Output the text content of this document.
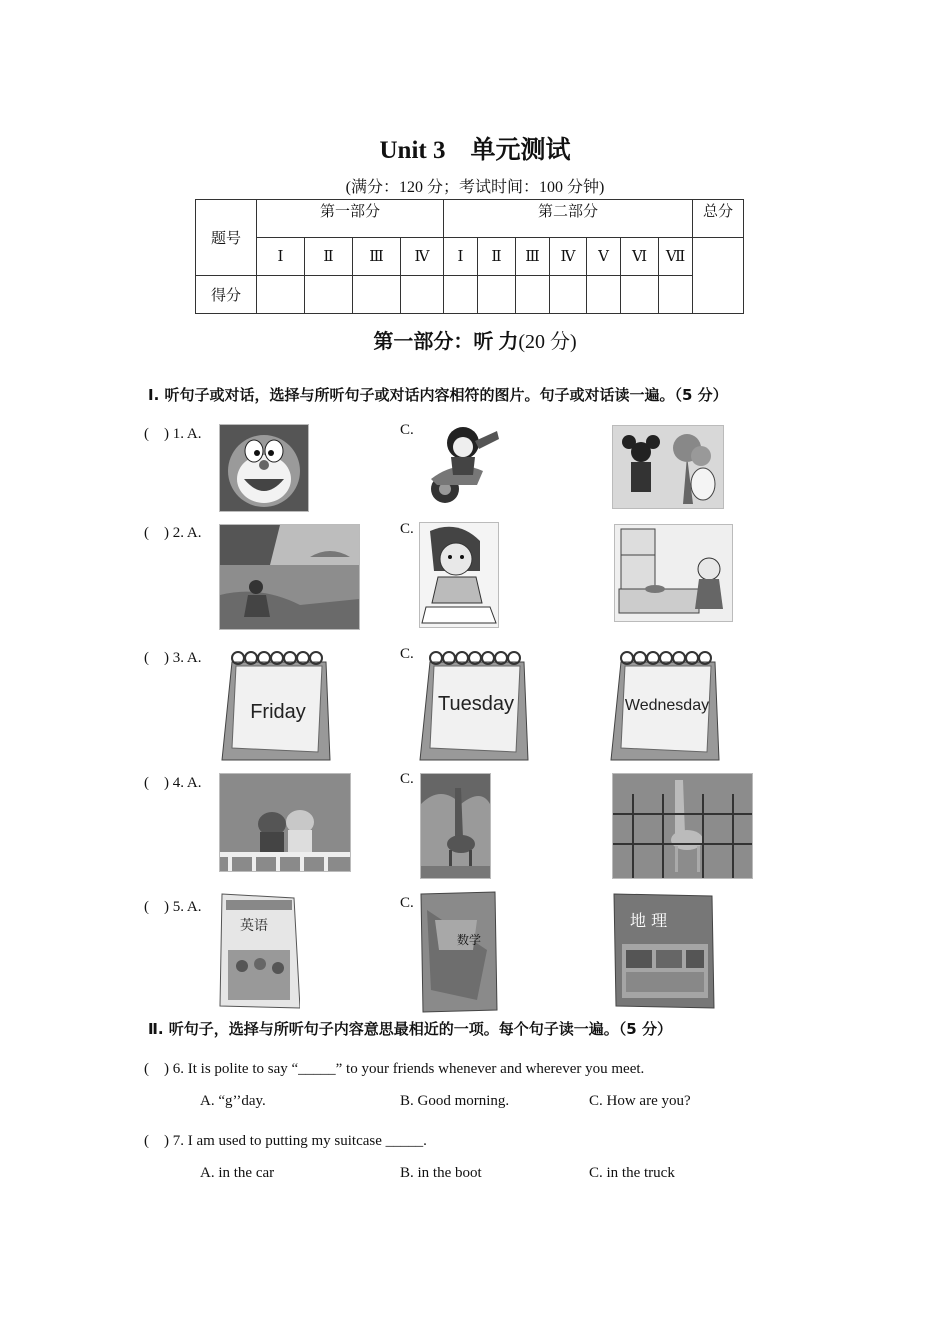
Unit 3　单元测试
(满分：120 分；考试时间：100 分钟)
题号	第一部分				第二部分							总分
	Ⅰ	Ⅱ	Ⅲ	Ⅳ	Ⅰ	Ⅱ	Ⅲ	Ⅳ	Ⅴ	Ⅵ	Ⅶ	
得分												
第一部分：听 力(20 分)
Ⅰ. 听句子或对话，选择与所听句子或对话内容相符的图片。句子或对话读一遍。（5 分）
(　) 1. A.	C.
(　) 2. A.	C.
(　) 3. A.	C.
Friday	Tuesday	Wednesday
(　) 4. A.	C.
(　) 5. A.	C.
英语
数学
地 理
Ⅱ. 听句子，选择与所听句子内容意思最相近的一项。每个句子读一遍。（5 分）
(　) 6. It is polite to say “_____” to your friends whenever and wherever you meet.
A. “g’’day.	B. Good morning.	C. How are you?
(　) 7. I am used to putting my suitcase _____.
A. in the car	B. in the boot	C. in the truck
